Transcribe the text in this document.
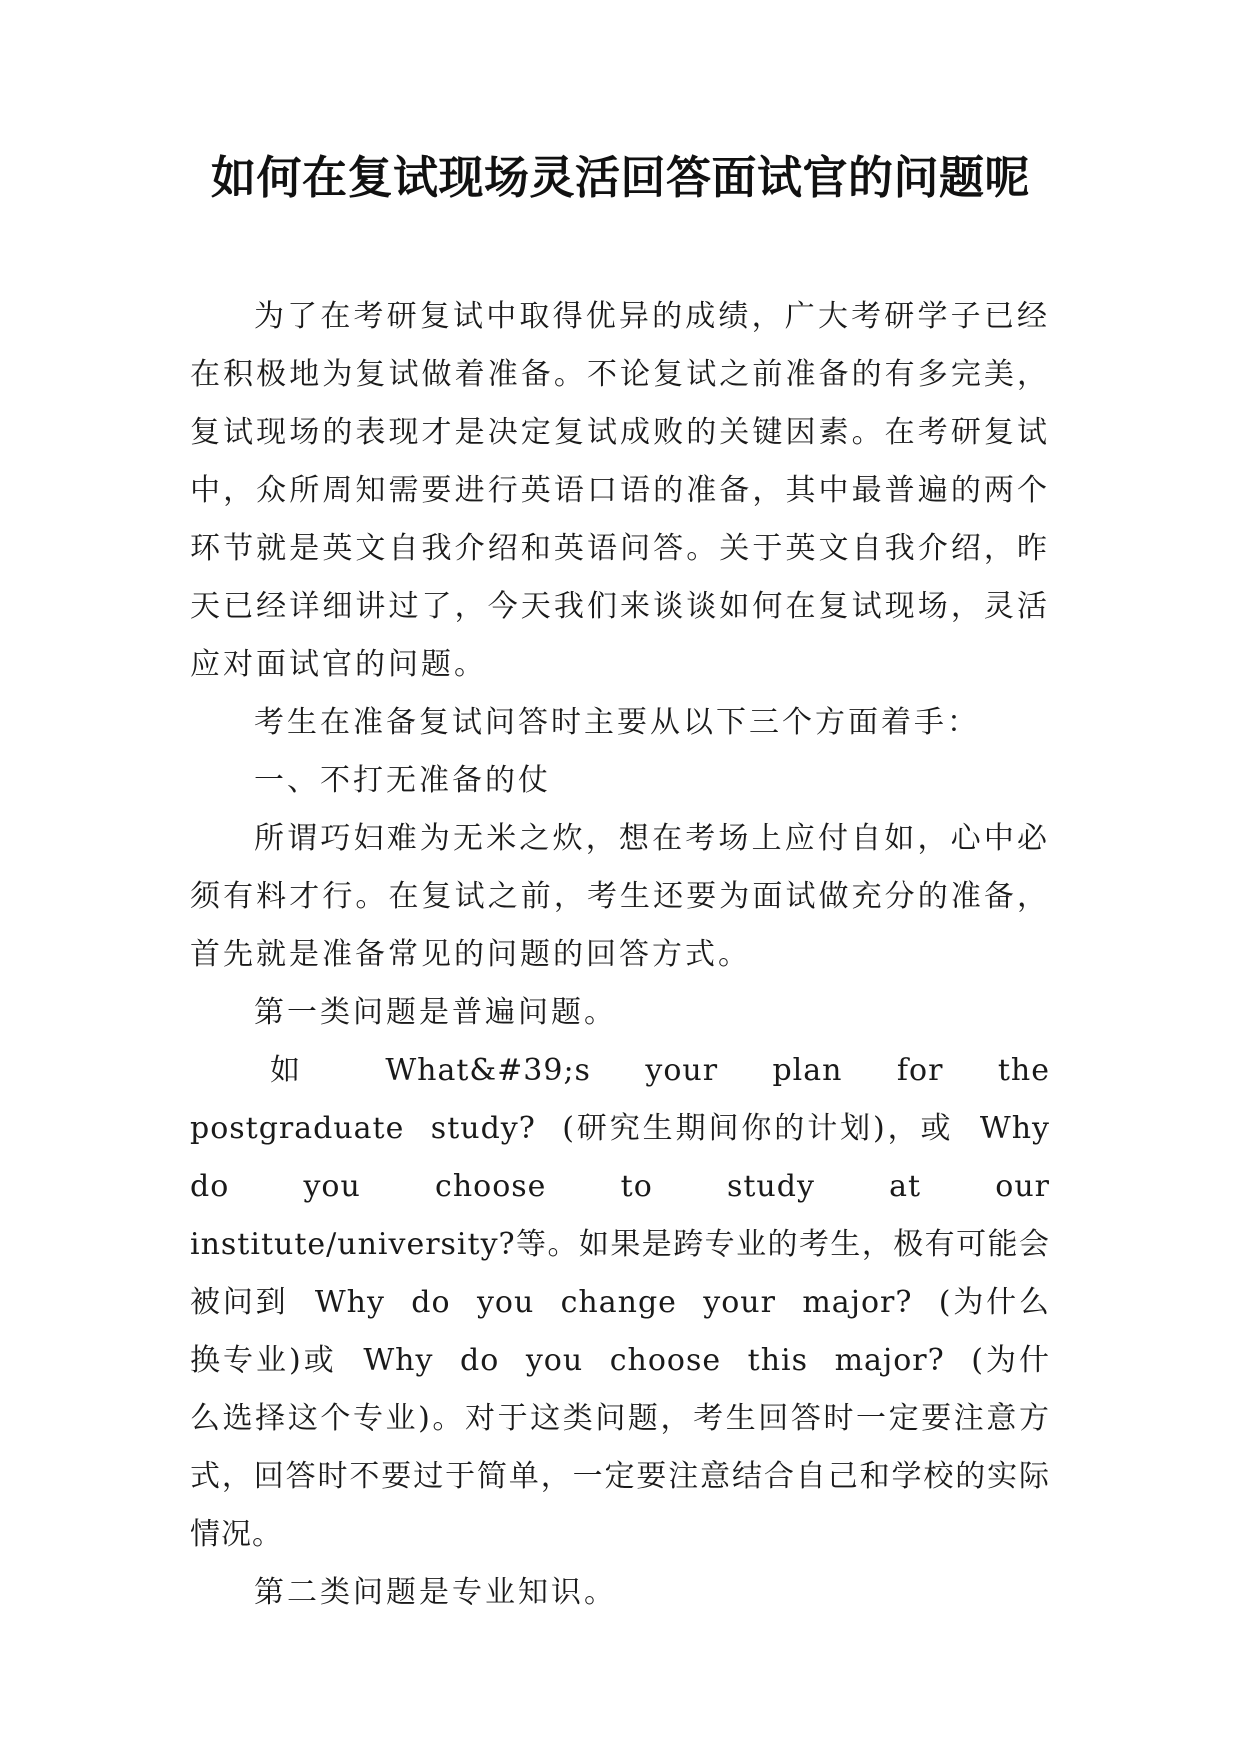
如何在复试现场灵活回答面试官的问题呢

为了在考研复试中取得优异的成绩，广大考研学子已经在积极地为复试做着准备。不论复试之前准备的有多完美，复试现场的表现才是决定复试成败的关键因素。在考研复试中，众所周知需要进行英语口语的准备，其中最普遍的两个环节就是英文自我介绍和英语问答。关于英文自我介绍，昨天已经详细讲过了，今天我们来谈谈如何在复试现场，灵活应对面试官的问题。

考生在准备复试问答时主要从以下三个方面着手：

一、不打无准备的仗

所谓巧妇难为无米之炊，想在考场上应付自如，心中必须有料才行。在复试之前，考生还要为面试做充分的准备，首先就是准备常见的问题的回答方式。

第一类问题是普遍问题。

如 What&#39;s your plan for the postgraduate study? (研究生期间你的计划)，或 Why do you choose to study at our institute/university?等。如果是跨专业的考生，极有可能会被问到 Why do you change your major? (为什么换专业)或 Why do you choose this major? (为什么选择这个专业)。对于这类问题，考生回答时一定要注意方式，回答时不要过于简单，一定要注意结合自己和学校的实际情况。

第二类问题是专业知识。
